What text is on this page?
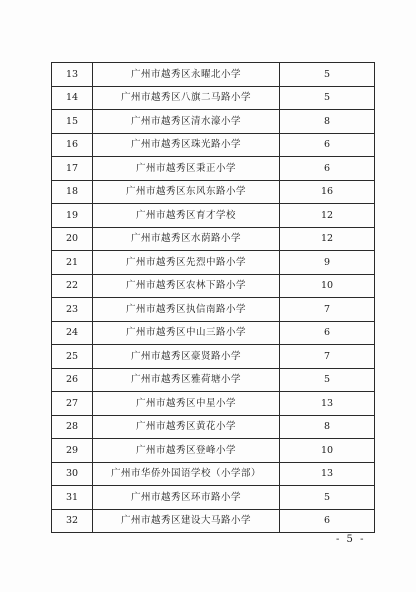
13	广州市越秀区永曜北小学	5
14	广州市越秀区八旗二马路小学	5
15	广州市越秀区清水濠小学	8
16	广州市越秀区珠光路小学	6
17	广州市越秀区秉正小学	6
18	广州市越秀区东风东路小学	16
19	广州市越秀区育才学校	12
20	广州市越秀区水荫路小学	12
21	广州市越秀区先烈中路小学	9
22	广州市越秀区农林下路小学	10
23	广州市越秀区执信南路小学	7
24	广州市越秀区中山三路小学	6
25	广州市越秀区豪贤路小学	7
26	广州市越秀区雅荷塘小学	5
27	广州市越秀区中星小学	13
28	广州市越秀区黄花小学	8
29	广州市越秀区登峰小学	10
30	广州市华侨外国语学校（小学部）	13
31	广州市越秀区环市路小学	5
32	广州市越秀区建设大马路小学	6
- 5 -
